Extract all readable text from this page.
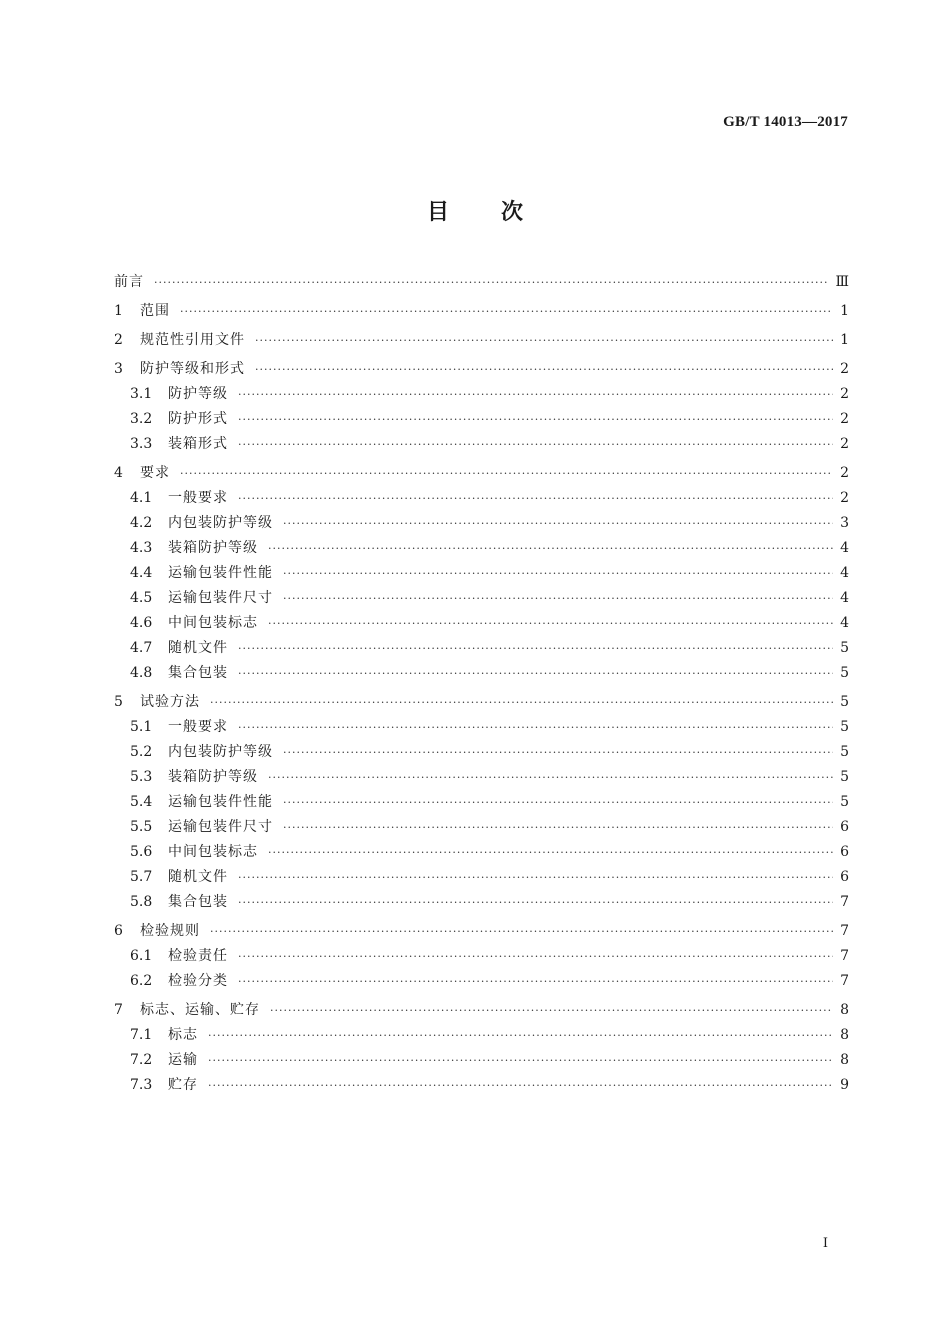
GB/T 14013—2017
目 次
前言 ·····	Ⅲ
1	范围 ·····	1
2	规范性引用文件 ·····	1
3	防护等级和形式 ·····	2
3.1	防护等级 ·····	2
3.2	防护形式 ·····	2
3.3	装箱形式 ·····	2
4	要求 ·····	2
4.1	一般要求 ·····	2
4.2	内包装防护等级 ·····	3
4.3	装箱防护等级 ·····	4
4.4	运输包装件性能 ·····	4
4.5	运输包装件尺寸 ·····	4
4.6	中间包装标志 ·····	4
4.7	随机文件 ·····	5
4.8	集合包装 ·····	5
5	试验方法 ·····	5
5.1	一般要求 ·····	5
5.2	内包装防护等级 ·····	5
5.3	装箱防护等级 ·····	5
5.4	运输包装件性能 ·····	5
5.5	运输包装件尺寸 ·····	6
5.6	中间包装标志 ·····	6
5.7	随机文件 ·····	6
5.8	集合包装 ·····	7
6	检验规则 ·····	7
6.1	检验责任 ·····	7
6.2	检验分类 ·····	7
7	标志、运输、贮存 ·····	8
7.1	标志 ·····	8
7.2	运输 ·····	8
7.3	贮存 ·····	9
Ⅰ
